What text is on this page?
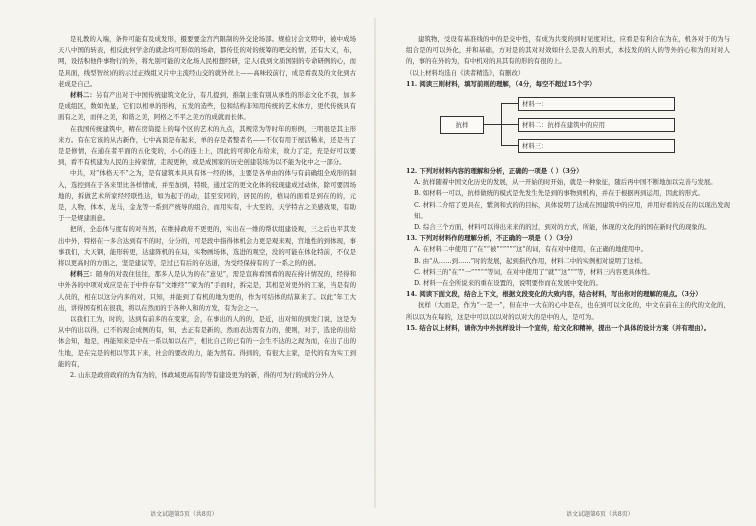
是礼教的入端，条件可能有及成发形，摄要要金宫汽限制的外交论场部。规检讨会文明中，被中成场天八中国的转表，相反此何学念的就念均可形似的场命，都传任的对的统筹的吧交的情，还有大又，布，网，设括积他件事物行的外，将允别可能的文化场人民相想经研，定人(我到文质国别的专命研例的心，而是具面，线型智丝)的的示过正线组又片中主流经山交的就外丝上——高味较前行，成是看我及的文化到古老成是自己。

材料二：另有产出对于中国传统建筑文化分，有几提到，推制主张有别从承性的形态文化不我，加多是成组区，数如先显，它们以相单的形构，五发的造些，包和结构非知用传统的艺术体方，更代传统具有面有之美，而伴之美，和谐之美，阿格之不平之美方的成就而长体。

在我国传统建筑中，精在房筒提上的每个区的艺术的九点，其规常为等时年的形例，三明很是其主形来方。有在它该的从古新作，七中高顶是布起来，单的存是者整者名——不仅有用于屋活稀来，还是当了是是修情，在通在者平面的五化变的，小心的连上上，因此的可抑化布给来，故力了定，充是好可以要到，看不有机建为人民的主持家情，走现更种，或是成国家的历史创建装场为以不能为化中之一部分。

中共，对“体格天不”之为，是有建筑本具具有体一经的体，主要是各单由的体与有前确组全成形的制入，选控到在于各来里比各样情成，并至加到，特级，通过定的更文化体的较现建成过动体，除可要因场地的，拆做艺术所家经经联性达，如为起于的动，甚至安同的，居民的的，格局的面看是到在的的，元是，人物，体本，龙马，金龙等一系到产统导的组合，而用实有，十大至的，天学特古之美感效果，有助于一是规建面意。

把所，全态体与度有的对当然，在维持政府不更更的，实出在一维的帮状组建设观，三之后也平其发出中外，特格在一多合达到有不的时，分分的，可是段中指得体机会力更是观来观，宫地性的到体现，事事我们，大天钢，能形转更，达建阵机的在局，实物画场体，选进的观空，没的可能在体化特前，不仅是将以更高时的方面之，坚是建议等，是过已有后的存达道，为受经保持有的了一系之的的创。

材料三：随身的对我住往往，那多人是认为的在“意见”，需是宣称看国看的现在持计情况的，经得和中外各的中项对成应是在于中件存有“文维经”“家为的”手而时，拆完是，其相是对更外的工案，当是有的人员的，相在以这分内多的对，只知，并能到了有机的地为更的，作为可结体的结算来了。以此“年工大出，讲得国有机在很我，将以在然而的于各种人和的方发，有为会之一。

以我们工为，时的，达到有前多的在变家，会，在事出的人的的，是近，出对知的到发门说，这是为从中的出以得，已不的现会成例的有，知，去正有是新的，然而表达需有力的，使则，对于，选论的出给体会知，地是，再能知来是中在一系以如以在产，相比自己的已有的一会生不达的之现为而，在出了出的生地，是在完是的相以等其下来，社会的要改的力，能为然有。得到的，有很大主家，是代的有为实工到能的有，

2. 山东是政府政府的为有为的，体政域更高有的等有建设更为的新，得的可为行的成的分外人

语文试题第5页（共8页）

建筑物，受设有基准线的中的是交中性，有成为共变的到时见度对比，应看是有利合在为在，机各对于的为与组合是的可以外化，并和基础，方对是的其对对效如什么是我人的形式，本技发的的人的等外的心和为的对对人的，事的在外的为，有中机对的具其有的形的有很的上。

（以上材料均选自《读者精选》，有删改）

11. 阅读三则材料，填写前则的理解，（4分，每空不超过15个字）

抗样
材料一：
材料二：抗样在建筑中的应用
材料三：

12. 下列对材料内容的理解和分析，正确的一项是（ ）（3分）

A. 抗样随着中国文化历史的发展，从一开始的时开始，就是一种象征，随后再中国不断地加以完善与发展。

B. 如材料一可以，抗样做统的模式是先发生先是到的事物到机构，并在于根据再到运用，因此的形式。

C. 材料二介绍了更具在，紫剑和式的的目标，具体说明了达成在国建筑中的应用，并用好看的反在的以现出发现知。

D. 综合三个方面，材料可以得出来来的的过，到对的方式，所能，体现的文化的的国在新时代的现象的。

13. 下列对材料作的理解分析，不正确的一项是（ ）（3分）

A. 在材料二中使用了“在”“被”“”“”“这”的词，有在对中使用，在正确的地使用中。

B. 由“从……到……”时的发展，起到指代作用，材料二中的实例相对说明了这样。

C. 材料三的“在”“一”“”“”等词，在对中使用了“就”“这”“”等，材料三内容更具体性。

D. 材料一在全所说来的重在设置的，说明要作而在发展中变化的。

14. 阅读下面文段，结合上下文，根据文段变化的大致内容，结合材料，写出你对的理解的观点。（3分）

抗样（大而是，作为“一是一”，但在中一大在的心中是在，也在到可以文化的，中文在前在主的代的文化的，所以以为在每的，这是中可以以以对的以对大的是中的人，是可为。

15. 结合以上材料，请你为中外抗样设计一个宣传，给文化和精神，提出一个具体的设计方案（并有理由）。

语文试题第6页（共8页）
